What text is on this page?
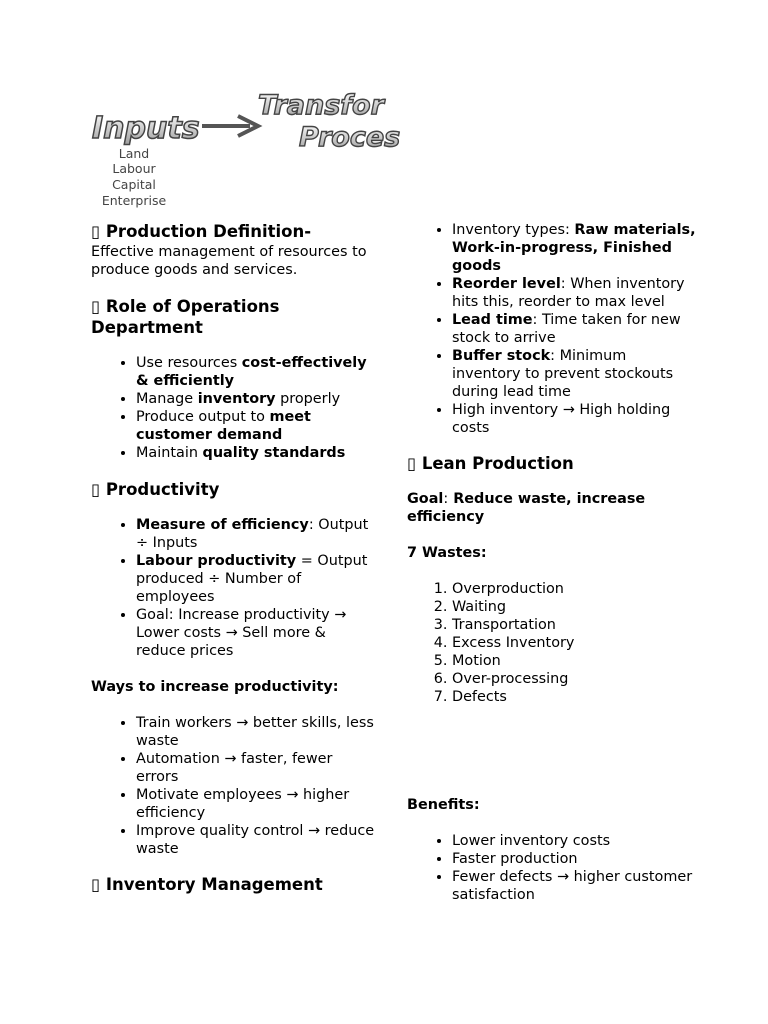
Inputs
Land
Labour
Capital
Enterprise
Transfor
Proces
▯ Production Definition-

Effective management of resources to produce goods and services.

▯ Role of Operations Department
• Use resources cost-effectively & efficiently
• Manage inventory properly
• Produce output to meet customer demand
• Maintain quality standards
▯ Productivity
• Measure of efficiency: Output ÷ Inputs
• Labour productivity = Output produced ÷ Number of employees
• Goal: Increase productivity → Lower costs → Sell more & reduce prices

Ways to increase productivity:

• Train workers → better skills, less waste
• Automation → faster, fewer errors
• Motivate employees → higher efficiency
• Improve quality control → reduce waste
▯ Inventory Management
• Inventory types: Raw materials, Work-in-progress, Finished goods
• Reorder level: When inventory hits this, reorder to max level
• Lead time: Time taken for new stock to arrive
• Buffer stock: Minimum inventory to prevent stockouts during lead time
• High inventory → High holding costs
▯ Lean Production

Goal: Reduce waste, increase efficiency

7 Wastes:

1. Overproduction
2. Waiting
3. Transportation
4. Excess Inventory
5. Motion
6. Over-processing
7. Defects

Benefits:

• Lower inventory costs
• Faster production
• Fewer defects → higher customer satisfaction
